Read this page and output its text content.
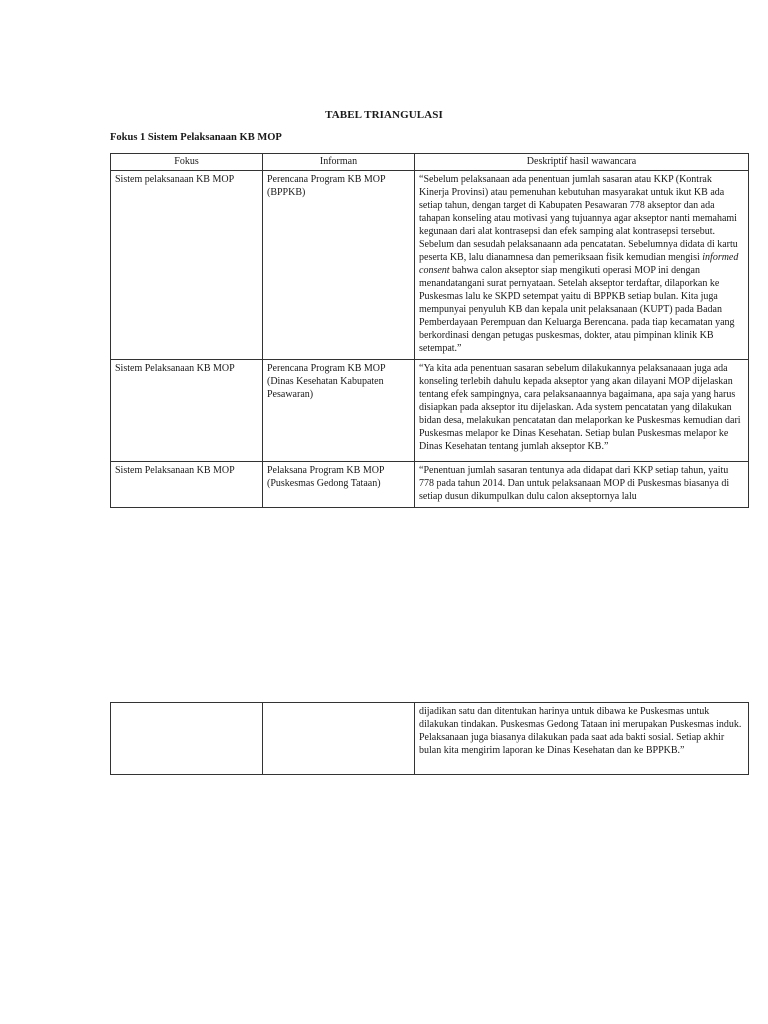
TABEL TRIANGULASI
Fokus 1 Sistem Pelaksanaan KB MOP
Fokus	Informan	Deskriptif hasil wawancara
Sistem pelaksanaan KB MOP	Perencana Program KB MOP (BPPKB)	“Sebelum pelaksanaan ada penentuan jumlah sasaran atau KKP (Kontrak Kinerja Provinsi) atau pemenuhan kebutuhan masyarakat untuk ikut KB ada setiap tahun, dengan target di Kabupaten Pesawaran 778 akseptor dan ada tahapan konseling atau motivasi yang tujuannya agar akseptor nanti memahami kegunaan dari alat kontrasepsi dan efek samping alat kontrasepsi tersebut. Sebelum dan sesudah pelaksanaann ada pencatatan. Sebelumnya didata di kartu peserta KB, lalu dianamnesa dan pemeriksaan fisik kemudian mengisi informed consent bahwa calon akseptor siap mengikuti operasi MOP ini dengan menandatangani surat pernyataan. Setelah akseptor terdaftar, dilaporkan ke Puskesmas lalu ke SKPD setempat yaitu di BPPKB setiap bulan. Kita juga mempunyai penyuluh KB dan kepala unit pelaksanaan (KUPT) pada Badan Pemberdayaan Perempuan dan Keluarga Berencana. pada tiap kecamatan yang berkordinasi dengan petugas puskesmas, dokter, atau pimpinan klinik KB setempat.”
Sistem Pelaksanaan KB MOP	Perencana Program KB MOP (Dinas Kesehatan Kabupaten Pesawaran)	“Ya kita ada penentuan sasaran sebelum dilakukannya pelaksanaaan juga ada konseling terlebih dahulu kepada akseptor yang akan dilayani MOP dijelaskan tentang efek sampingnya, cara pelaksanaannya bagaimana, apa saja yang harus disiapkan pada akseptor itu dijelaskan. Ada system pencatatan yang dilakukan bidan desa, melakukan pencatatan dan melaporkan ke Puskesmas kemudian dari Puskesmas melapor ke Dinas Kesehatan. Setiap bulan Puskesmas melapor ke Dinas Kesehatan tentang jumlah akseptor KB.”
Sistem Pelaksanaan KB MOP	Pelaksana Program KB MOP (Puskesmas Gedong Tataan)	“Penentuan jumlah sasaran tentunya ada didapat dari KKP setiap tahun, yaitu 778 pada tahun 2014. Dan untuk pelaksanaan MOP di Puskesmas biasanya di setiap dusun dikumpulkan dulu calon akseptornya lalu
		dijadikan satu dan ditentukan harinya untuk dibawa ke Puskesmas untuk dilakukan tindakan. Puskesmas Gedong Tataan ini merupakan Puskesmas induk. Pelaksanaan juga biasanya dilakukan pada saat ada bakti sosial. Setiap akhir bulan kita mengirim laporan ke Dinas Kesehatan dan ke BPPKB.”
